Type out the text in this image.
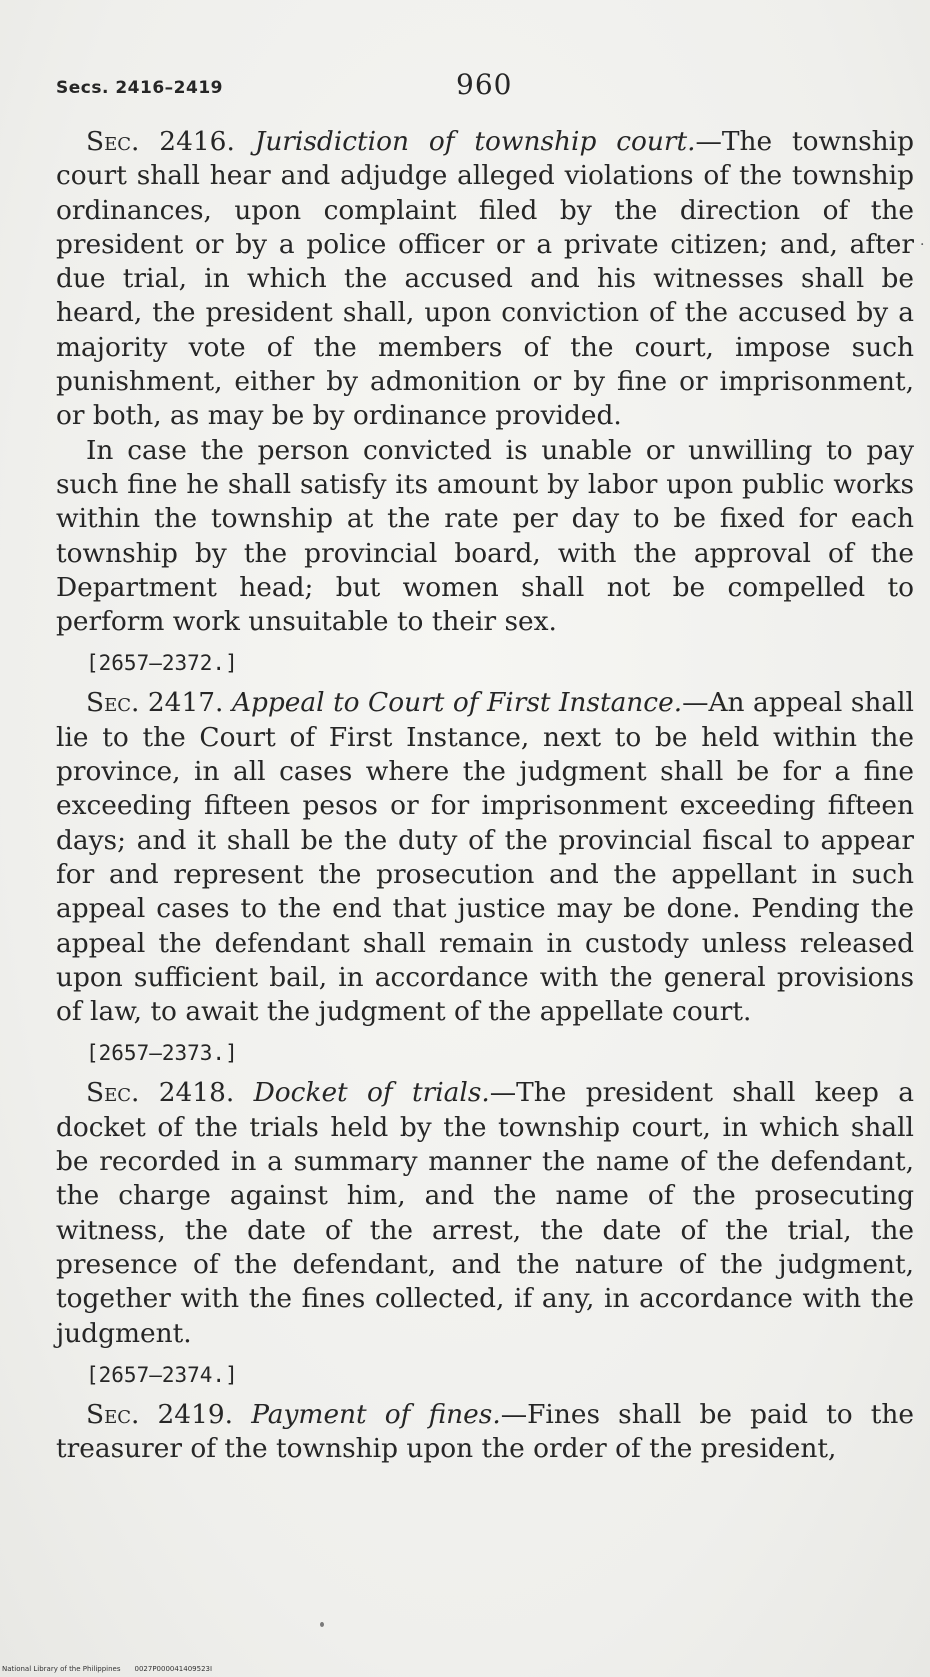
Secs. 2416–2419	960
·

Sec. 2416. Jurisdiction of township court.—The township court shall hear and adjudge alleged violations of the township ordinances, upon complaint filed by the direction of the president or by a police officer or a private citizen; and, after due trial, in which the accused and his witnesses shall be heard, the president shall, upon conviction of the accused by a majority vote of the members of the court, impose such punishment, either by admonition or by fine or imprisonment, or both, as may be by ordinance provided.

In case the person convicted is unable or unwilling to pay such fine he shall satisfy its amount by labor upon public works within the township at the rate per day to be fixed for each township by the provincial board, with the approval of the Department head; but women shall not be compelled to perform work unsuitable to their sex.

[2657—2372.]

Sec. 2417. Appeal to Court of First Instance.—An appeal shall lie to the Court of First Instance, next to be held within the province, in all cases where the judgment shall be for a fine exceeding fifteen pesos or for imprisonment exceeding fifteen days; and it shall be the duty of the provincial fiscal to appear for and represent the prosecution and the appellant in such appeal cases to the end that justice may be done. Pending the appeal the defendant shall remain in custody unless released upon sufficient bail, in accordance with the general provisions of law, to await the judgment of the appellate court.

[2657—2373.]

Sec. 2418. Docket of trials.—The president shall keep a docket of the trials held by the township court, in which shall be recorded in a summary manner the name of the defendant, the charge against him, and the name of the prosecuting witness, the date of the arrest, the date of the trial, the presence of the defendant, and the nature of the judgment, together with the fines collected, if any, in accordance with the judgment.

[2657—2374.]

Sec. 2419. Payment of fines.—Fines shall be paid to the treasurer of the township upon the order of the president,

National Library of the Philippines 0027P000041409523I
